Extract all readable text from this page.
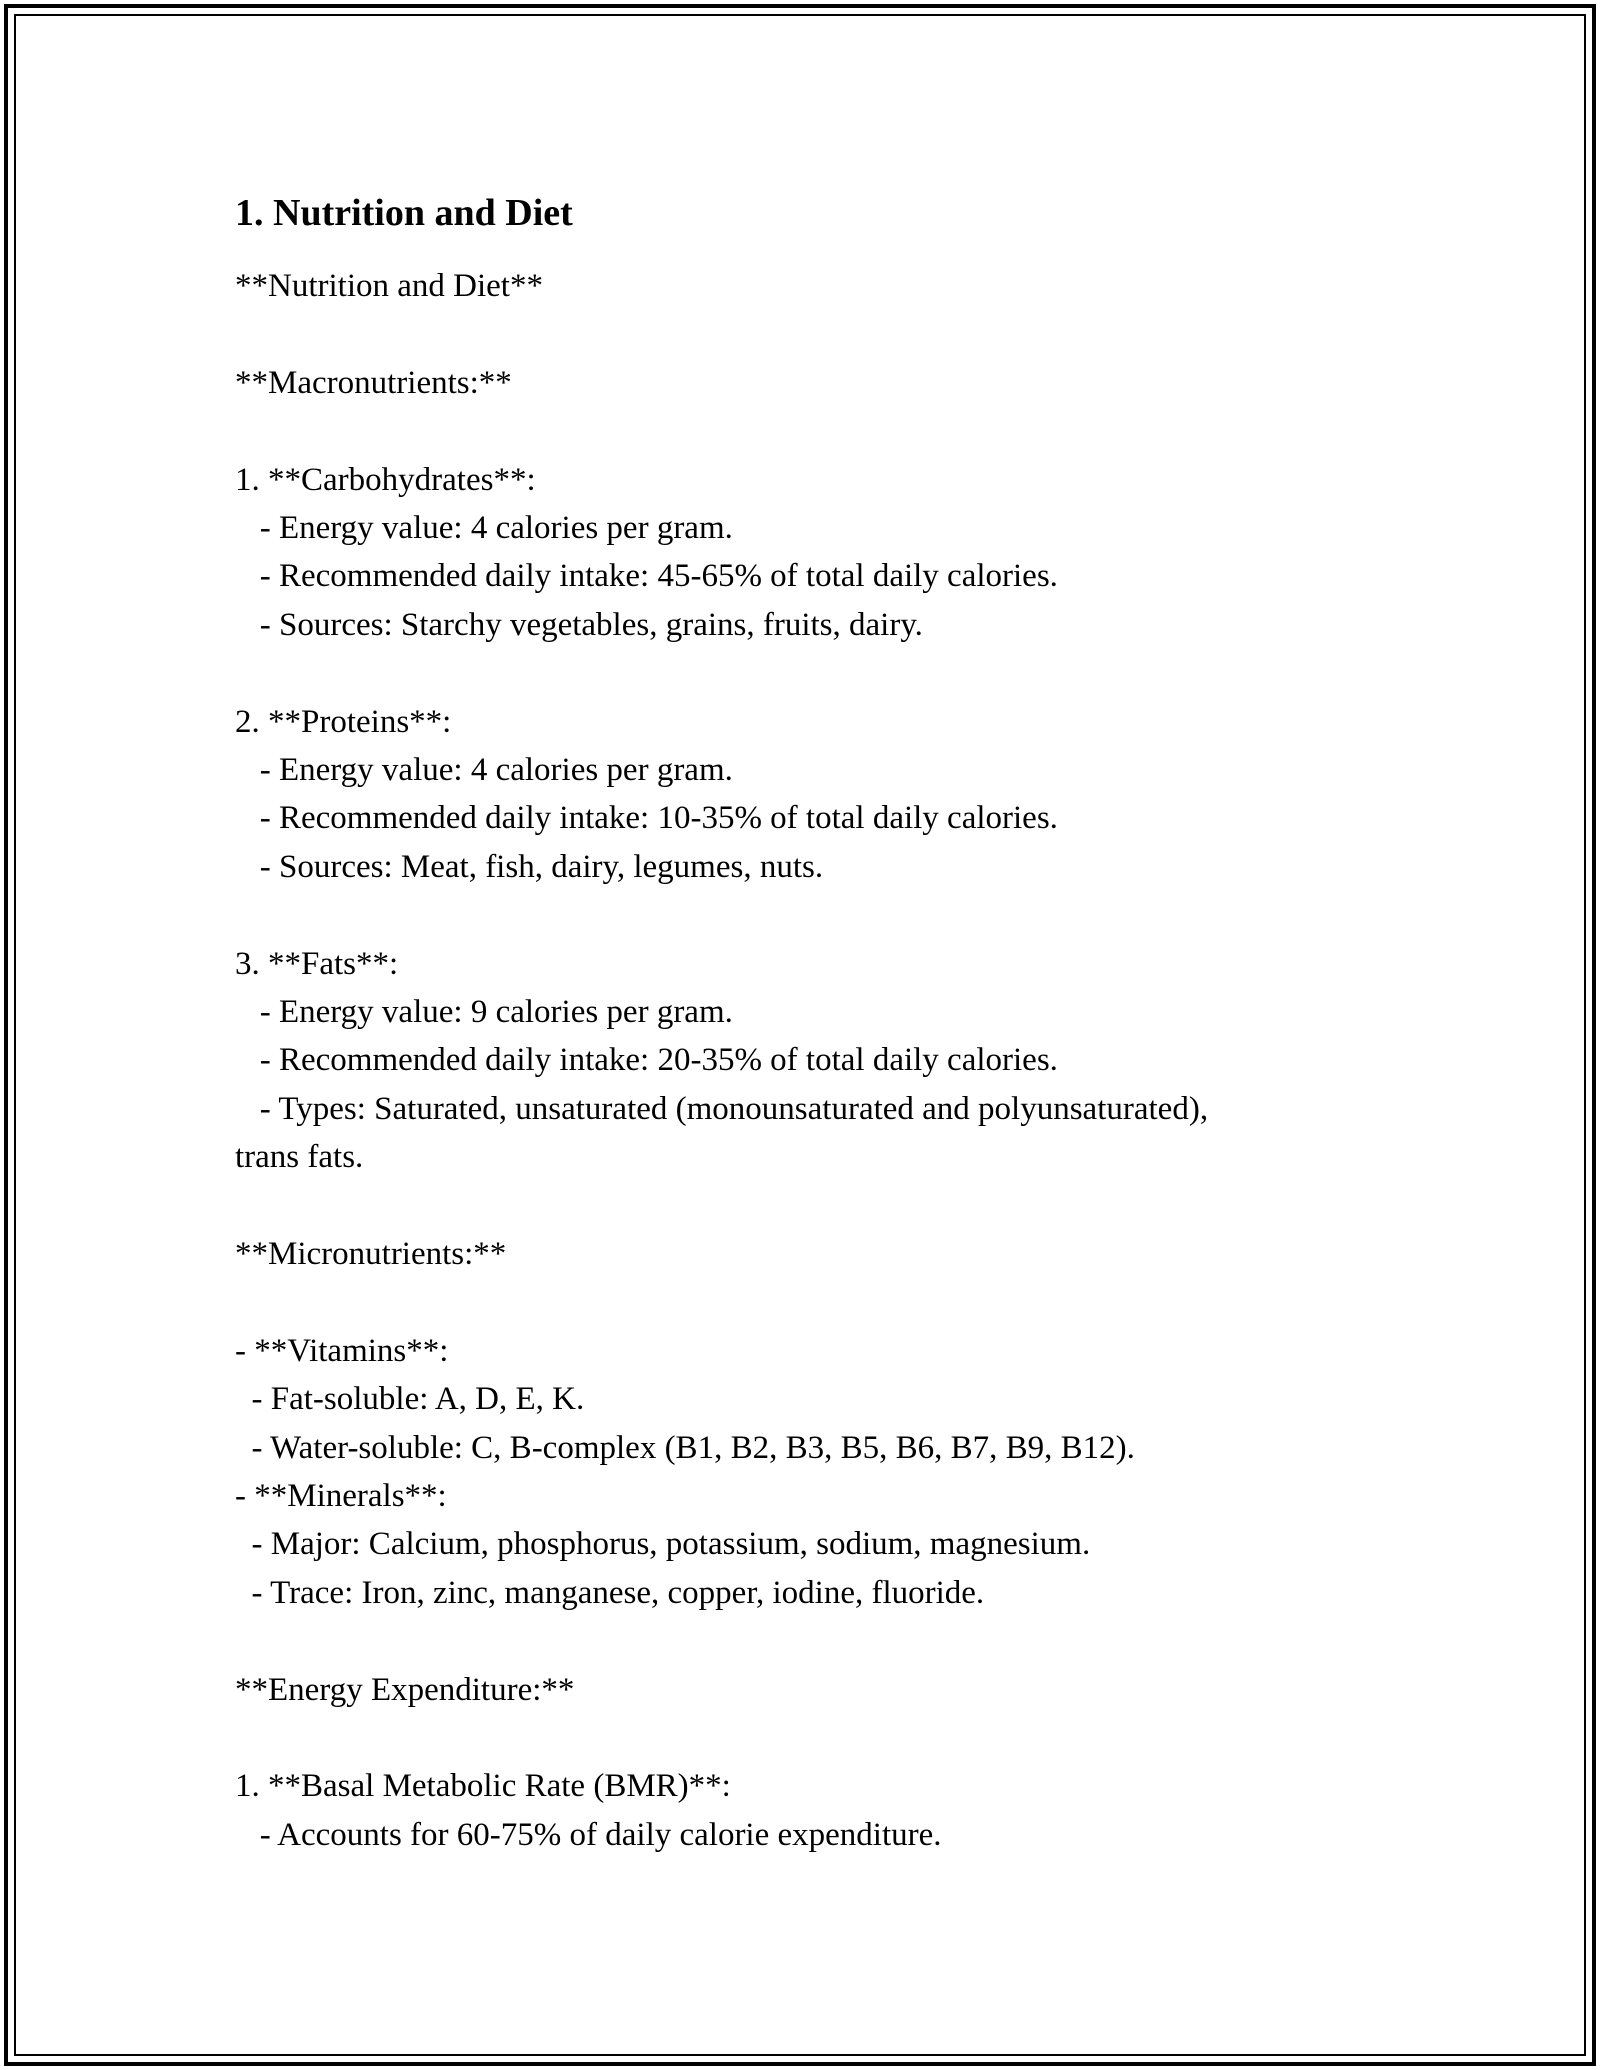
1. Nutrition and Diet
**Nutrition and Diet**
**Macronutrients:**
1. **Carbohydrates**:
- Energy value: 4 calories per gram.
- Recommended daily intake: 45-65% of total daily calories.
- Sources: Starchy vegetables, grains, fruits, dairy.
2. **Proteins**:
- Energy value: 4 calories per gram.
- Recommended daily intake: 10-35% of total daily calories.
- Sources: Meat, fish, dairy, legumes, nuts.
3. **Fats**:
- Energy value: 9 calories per gram.
- Recommended daily intake: 20-35% of total daily calories.
- Types: Saturated, unsaturated (monounsaturated and polyunsaturated),
trans fats.
**Micronutrients:**
- **Vitamins**:
- Fat-soluble: A, D, E, K.
- Water-soluble: C, B-complex (B1, B2, B3, B5, B6, B7, B9, B12).
- **Minerals**:
- Major: Calcium, phosphorus, potassium, sodium, magnesium.
- Trace: Iron, zinc, manganese, copper, iodine, fluoride.
**Energy Expenditure:**
1. **Basal Metabolic Rate (BMR)**:
- Accounts for 60-75% of daily calorie expenditure.
